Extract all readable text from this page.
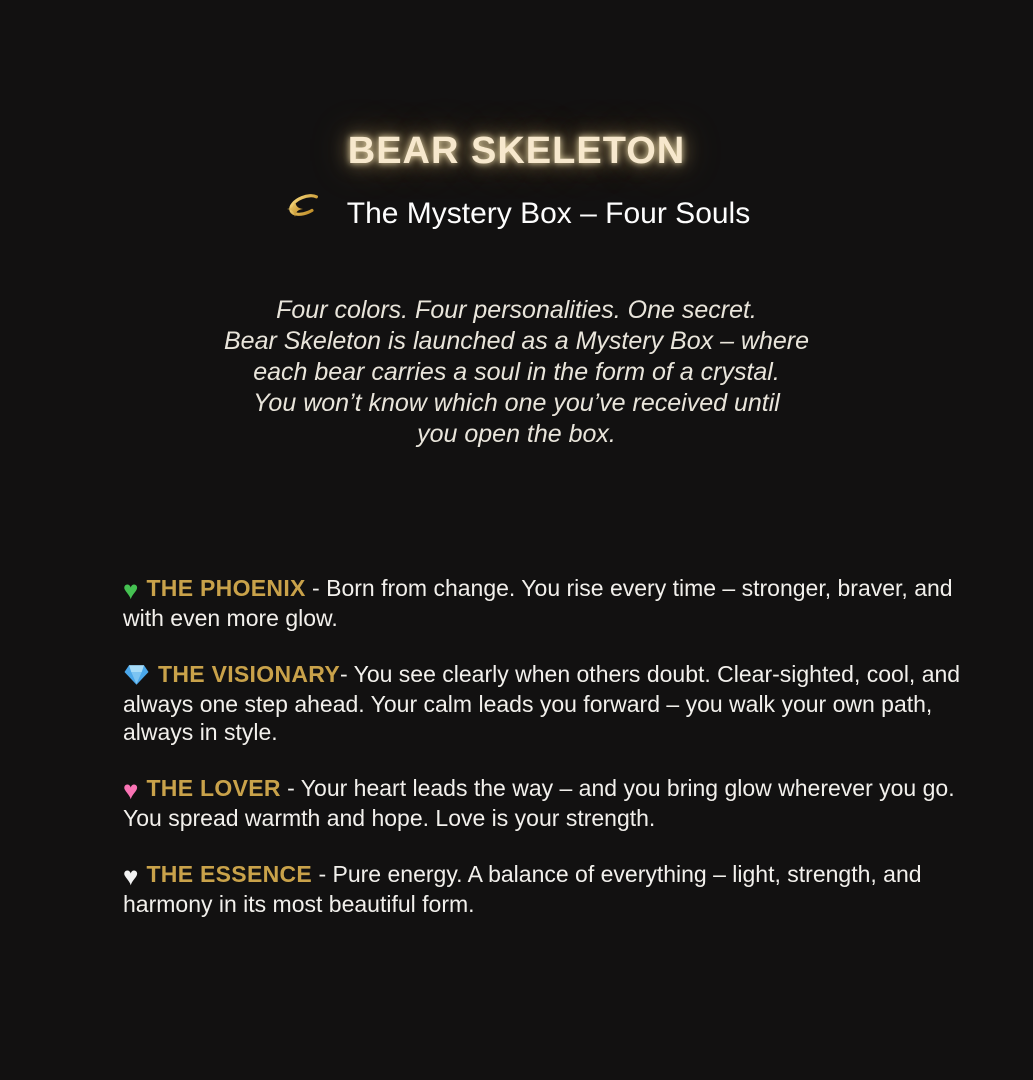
BEAR SKELETON
The Mystery Box – Four Souls
Four colors. Four personalities. One secret.
Bear Skeleton is launched as a Mystery Box – where
each bear carries a soul in the form of a crystal.
You won’t know which one you’ve received until
you open the box.

♥THE PHOENIX - Born from change. You rise every time – stronger, braver, and with even more glow.

THE VISIONARY- You see clearly when others doubt. Clear-sighted, cool, and always one step ahead. Your calm leads you forward – you walk your own path, always in style.

♥THE LOVER - Your heart leads the way – and you bring glow wherever you go. You spread warmth and hope. Love is your strength.

♥THE ESSENCE - Pure energy. A balance of everything – light, strength, and harmony in its most beautiful form.
